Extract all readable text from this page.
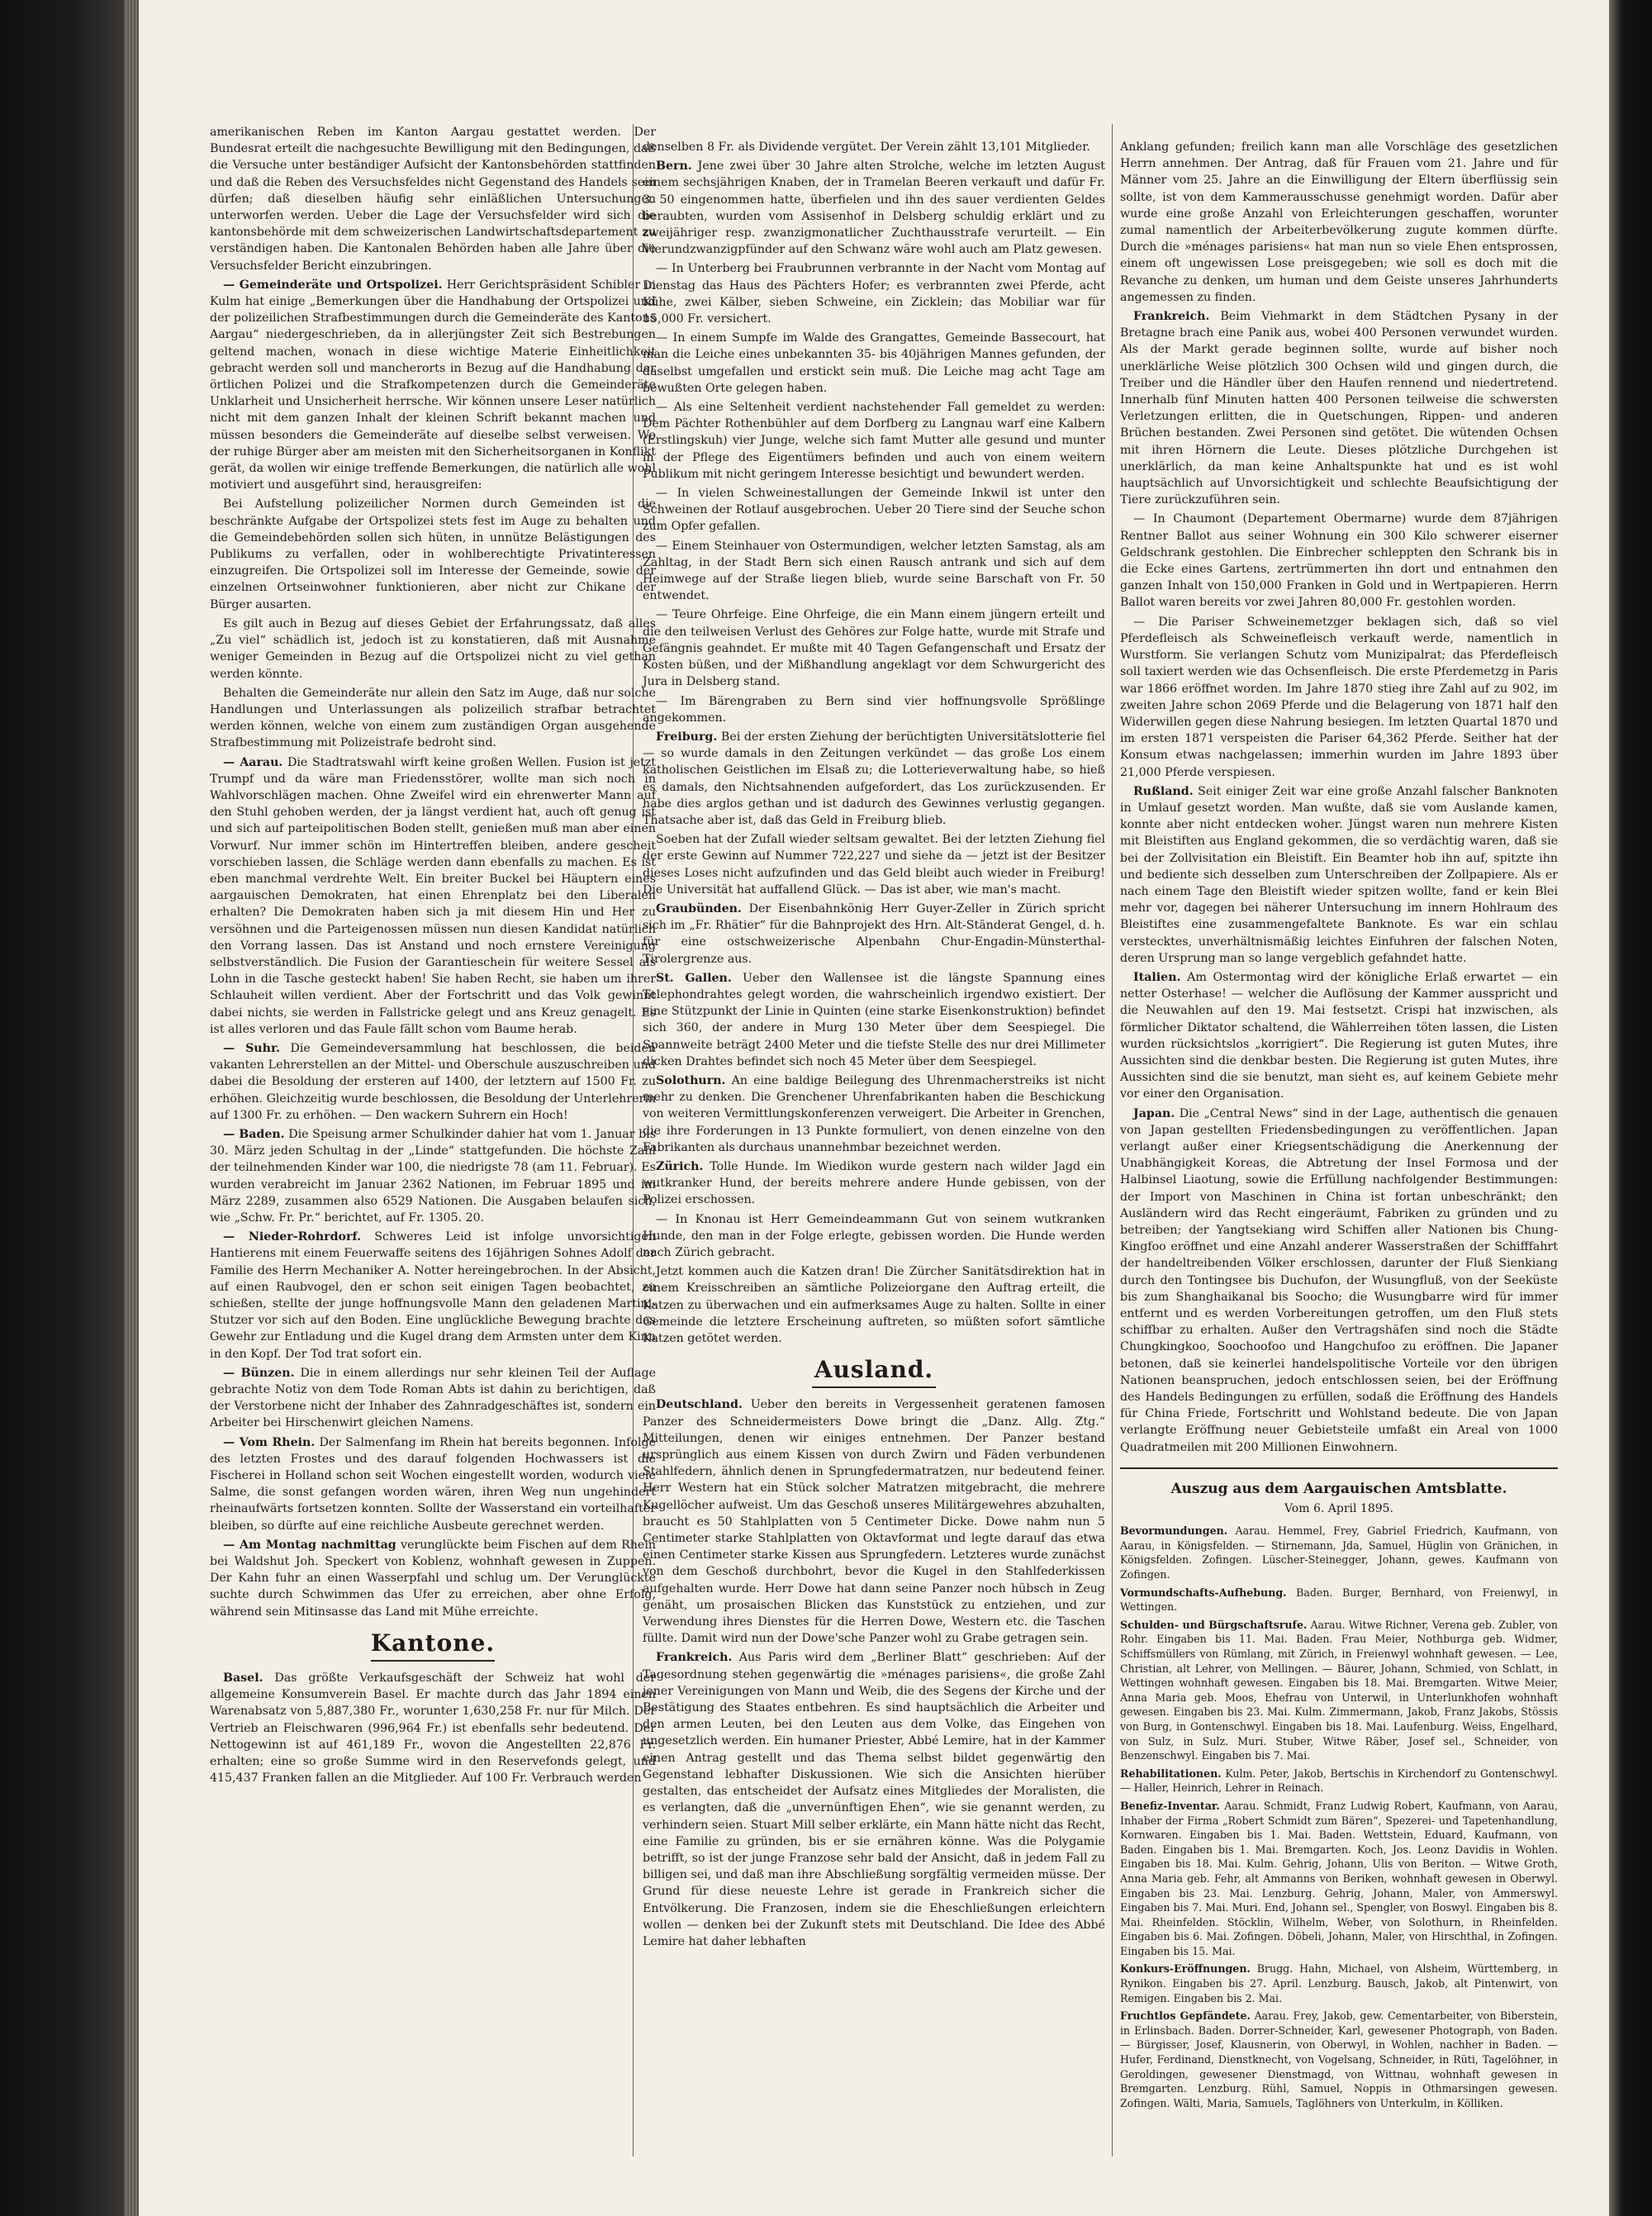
amerikanischen Reben im Kanton Aargau gestattet werden. Der Bundesrat erteilt die nachgesuchte Bewilligung mit den Bedingungen, daß die Versuche unter beständiger Aufsicht der Kantonsbehörden stattfinden und daß die Reben des Versuchsfeldes nicht Gegenstand des Handels sein dürfen; daß dieselben häufig sehr einläßlichen Untersuchungen unterworfen werden. Ueber die Lage der Versuchsfelder wird sich die kantonsbehörde mit dem schweizerischen Landwirtschaftsdepartement zu verständigen haben. Die Kantonalen Behörden haben alle Jahre über die Versuchsfelder Bericht einzubringen.

— Gemeinderäte und Ortspolizei. Herr Gerichtspräsident Schibler in Kulm hat einige „Bemerkungen über die Handhabung der Ortspolizei und der polizeilichen Strafbestimmungen durch die Gemeinderäte des Kantons Aargau“ niedergeschrieben, da in allerjüngster Zeit sich Bestrebungen geltend machen, wonach in diese wichtige Materie Einheitlichkeit gebracht werden soll und mancherorts in Bezug auf die Handhabung der örtlichen Polizei und die Strafkompetenzen durch die Gemeinderäte Unklarheit und Unsicherheit herrsche. Wir können unsere Leser natürlich nicht mit dem ganzen Inhalt der kleinen Schrift bekannt machen und müssen besonders die Gemeinderäte auf dieselbe selbst verweisen. Wo der ruhige Bürger aber am meisten mit den Sicherheitsorganen in Konflikt gerät, da wollen wir einige treffende Bemerkungen, die natürlich alle wohl motiviert und ausgeführt sind, herausgreifen:

Bei Aufstellung polizeilicher Normen durch Gemeinden ist die beschränkte Aufgabe der Ortspolizei stets fest im Auge zu behalten und die Gemeindebehörden sollen sich hüten, in unnütze Belästigungen des Publikums zu verfallen, oder in wohlberechtigte Privatinteressen einzugreifen. Die Ortspolizei soll im Interesse der Gemeinde, sowie der einzelnen Ortseinwohner funktionieren, aber nicht zur Chikane der Bürger ausarten.

Es gilt auch in Bezug auf dieses Gebiet der Erfahrungssatz, daß alles „Zu viel“ schädlich ist, jedoch ist zu konstatieren, daß mit Ausnahme weniger Gemeinden in Bezug auf die Ortspolizei nicht zu viel gethan werden könnte.

Behalten die Gemeinderäte nur allein den Satz im Auge, daß nur solche Handlungen und Unterlassungen als polizeilich strafbar betrachtet werden können, welche von einem zum zuständigen Organ ausgehende Strafbestimmung mit Polizeistrafe bedroht sind.

— Aarau. Die Stadtratswahl wirft keine großen Wellen. Fusion ist jetzt Trumpf und da wäre man Friedensstörer, wollte man sich noch in Wahlvorschlägen machen. Ohne Zweifel wird ein ehrenwerter Mann auf den Stuhl gehoben werden, der ja längst verdient hat, auch oft genug ist und sich auf parteipolitischen Boden stellt, genießen muß man aber einen Vorwurf. Nur immer schön im Hintertreffen bleiben, andere gescheit vorschieben lassen, die Schläge werden dann ebenfalls zu machen. Es ist eben manchmal verdrehte Welt. Ein breiter Buckel bei Häuptern eines aargauischen Demokraten, hat einen Ehrenplatz bei den Liberalen erhalten? Die Demokraten haben sich ja mit diesem Hin und Her zu versöhnen und die Parteigenossen müssen nun diesen Kandidat natürlich den Vorrang lassen. Das ist Anstand und noch ernstere Vereinigung selbstverständlich. Die Fusion der Garantieschein für weitere Sessel als Lohn in die Tasche gesteckt haben! Sie haben Recht, sie haben um ihrer Schlauheit willen verdient. Aber der Fortschritt und das Volk gewinnt dabei nichts, sie werden in Fallstricke gelegt und ans Kreuz genagelt. Es ist alles verloren und das Faule fällt schon vom Baume herab.

— Suhr. Die Gemeindeversammlung hat beschlossen, die beiden vakanten Lehrerstellen an der Mittel- und Oberschule auszuschreiben und dabei die Besoldung der ersteren auf 1400, der letztern auf 1500 Fr. zu erhöhen. Gleichzeitig wurde beschlossen, die Besoldung der Unterlehrerin auf 1300 Fr. zu erhöhen. — Den wackern Suhrern ein Hoch!

— Baden. Die Speisung armer Schulkinder dahier hat vom 1. Januar bis 30. März jeden Schultag in der „Linde“ stattgefunden. Die höchste Zahl der teilnehmenden Kinder war 100, die niedrigste 78 (am 11. Februar). Es wurden verabreicht im Januar 2362 Nationen, im Februar 1895 und im März 2289, zusammen also 6529 Nationen. Die Ausgaben belaufen sich, wie „Schw. Fr. Pr.“ berichtet, auf Fr. 1305. 20.

— Nieder-Rohrdorf. Schweres Leid ist infolge unvorsichtigen Hantierens mit einem Feuerwaffe seitens des 16jährigen Sohnes Adolf der Familie des Herrn Mechaniker A. Notter hereingebrochen. In der Absicht, auf einen Raubvogel, den er schon seit einigen Tagen beobachtet, zu schießen, stellte der junge hoffnungsvolle Mann den geladenen Martini-Stutzer vor sich auf den Boden. Eine unglückliche Bewegung brachte das Gewehr zur Entladung und die Kugel drang dem Armsten unter dem Kinn in den Kopf. Der Tod trat sofort ein.

— Bünzen. Die in einem allerdings nur sehr kleinen Teil der Auflage gebrachte Notiz von dem Tode Roman Abts ist dahin zu berichtigen, daß der Verstorbene nicht der Inhaber des Zahnradgeschäftes ist, sondern ein Arbeiter bei Hirschenwirt gleichen Namens.

— Vom Rhein. Der Salmenfang im Rhein hat bereits begonnen. Infolge des letzten Frostes und des darauf folgenden Hochwassers ist die Fischerei in Holland schon seit Wochen eingestellt worden, wodurch viele Salme, die sonst gefangen worden wären, ihren Weg nun ungehindert rheinaufwärts fortsetzen konnten. Sollte der Wasserstand ein vorteilhafter bleiben, so dürfte auf eine reichliche Ausbeute gerechnet werden.

— Am Montag nachmittag verunglückte beim Fischen auf dem Rhein bei Waldshut Joh. Speckert von Koblenz, wohnhaft gewesen in Zuppen. Der Kahn fuhr an einen Wasserpfahl und schlug um. Der Verunglückte suchte durch Schwimmen das Ufer zu erreichen, aber ohne Erfolg, während sein Mitinsasse das Land mit Mühe erreichte.

Kantone.

Basel. Das größte Verkaufsgeschäft der Schweiz hat wohl der allgemeine Konsumverein Basel. Er machte durch das Jahr 1894 einen Warenabsatz von 5,887,380 Fr., worunter 1,630,258 Fr. nur für Milch. Der Vertrieb an Fleischwaren (996,964 Fr.) ist ebenfalls sehr bedeutend. Der Nettogewinn ist auf 461,189 Fr., wovon die Angestellten 22,876 Fr. erhalten; eine so große Summe wird in den Reservefonds gelegt, und 415,437 Franken fallen an die Mitglieder. Auf 100 Fr. Verbrauch werden

denselben 8 Fr. als Dividende vergütet. Der Verein zählt 13,101 Mitglieder.

Bern. Jene zwei über 30 Jahre alten Strolche, welche im letzten August einem sechsjährigen Knaben, der in Tramelan Beeren verkauft und dafür Fr. 3. 50 eingenommen hatte, überfielen und ihn des sauer verdienten Geldes beraubten, wurden vom Assisenhof in Delsberg schuldig erklärt und zu zweijähriger resp. zwanzigmonatlicher Zuchthausstrafe verurteilt. — Ein Vierundzwanzigpfünder auf den Schwanz wäre wohl auch am Platz gewesen.

— In Unterberg bei Fraubrunnen verbrannte in der Nacht vom Montag auf Dienstag das Haus des Pächters Hofer; es verbrannten zwei Pferde, acht Kühe, zwei Kälber, sieben Schweine, ein Zicklein; das Mobiliar war für 15,000 Fr. versichert.

— In einem Sumpfe im Walde des Grangattes, Gemeinde Bassecourt, hat man die Leiche eines unbekannten 35- bis 40jährigen Mannes gefunden, der daselbst umgefallen und erstickt sein muß. Die Leiche mag acht Tage am bewußten Orte gelegen haben.

— Als eine Seltenheit verdient nachstehender Fall gemeldet zu werden: Dem Pächter Rothenbühler auf dem Dorfberg zu Langnau warf eine Kalbern (Erstlingskuh) vier Junge, welche sich famt Mutter alle gesund und munter in der Pflege des Eigentümers befinden und auch von einem weitern Publikum mit nicht geringem Interesse besichtigt und bewundert werden.

— In vielen Schweinestallungen der Gemeinde Inkwil ist unter den Schweinen der Rotlauf ausgebrochen. Ueber 20 Tiere sind der Seuche schon zum Opfer gefallen.

— Einem Steinhauer von Ostermundigen, welcher letzten Samstag, als am Zahltag, in der Stadt Bern sich einen Rausch antrank und sich auf dem Heimwege auf der Straße liegen blieb, wurde seine Barschaft von Fr. 50 entwendet.

— Teure Ohrfeige. Eine Ohrfeige, die ein Mann einem jüngern erteilt und die den teilweisen Verlust des Gehöres zur Folge hatte, wurde mit Strafe und Gefängnis geahndet. Er mußte mit 40 Tagen Gefangenschaft und Ersatz der Kosten büßen, und der Mißhandlung angeklagt vor dem Schwurgericht des Jura in Delsberg stand.

— Im Bärengraben zu Bern sind vier hoffnungsvolle Sprößlinge angekommen.

Freiburg. Bei der ersten Ziehung der berüchtigten Universitätslotterie fiel — so wurde damals in den Zeitungen verkündet — das große Los einem katholischen Geistlichen im Elsaß zu; die Lotterieverwaltung habe, so hieß es damals, den Nichtsahnenden aufgefordert, das Los zurückzusenden. Er habe dies arglos gethan und ist dadurch des Gewinnes verlustig gegangen. Thatsache aber ist, daß das Geld in Freiburg blieb.

Soeben hat der Zufall wieder seltsam gewaltet. Bei der letzten Ziehung fiel der erste Gewinn auf Nummer 722,227 und siehe da — jetzt ist der Besitzer dieses Loses nicht aufzufinden und das Geld bleibt auch wieder in Freiburg! Die Universität hat auffallend Glück. — Das ist aber, wie man's macht.

Graubünden. Der Eisenbahnkönig Herr Guyer-Zeller in Zürich spricht sich im „Fr. Rhätier“ für die Bahnprojekt des Hrn. Alt-Ständerat Gengel, d. h. für eine ostschweizerische Alpenbahn Chur-Engadin-Münsterthal-Tirolergrenze aus.

St. Gallen. Ueber den Wallensee ist die längste Spannung eines Telephondrahtes gelegt worden, die wahrscheinlich irgendwo existiert. Der eine Stützpunkt der Linie in Quinten (eine starke Eisenkonstruktion) befindet sich 360, der andere in Murg 130 Meter über dem Seespiegel. Die Spannweite beträgt 2400 Meter und die tiefste Stelle des nur drei Millimeter dicken Drahtes befindet sich noch 45 Meter über dem Seespiegel.

Solothurn. An eine baldige Beilegung des Uhrenmacherstreiks ist nicht mehr zu denken. Die Grenchener Uhrenfabrikanten haben die Beschickung von weiteren Vermittlungskonferenzen verweigert. Die Arbeiter in Grenchen, die ihre Forderungen in 13 Punkte formuliert, von denen einzelne von den Fabrikanten als durchaus unannehmbar bezeichnet werden.

Zürich. Tolle Hunde. Im Wiedikon wurde gestern nach wilder Jagd ein wutkranker Hund, der bereits mehrere andere Hunde gebissen, von der Polizei erschossen.

— In Knonau ist Herr Gemeindeammann Gut von seinem wutkranken Hunde, den man in der Folge erlegte, gebissen worden. Die Hunde werden nach Zürich gebracht.

Jetzt kommen auch die Katzen dran! Die Zürcher Sanitätsdirektion hat in einem Kreisschreiben an sämtliche Polizeiorgane den Auftrag erteilt, die Katzen zu überwachen und ein aufmerksames Auge zu halten. Sollte in einer Gemeinde die letztere Erscheinung auftreten, so müßten sofort sämtliche Katzen getötet werden.

Ausland.

Deutschland. Ueber den bereits in Vergessenheit geratenen famosen Panzer des Schneidermeisters Dowe bringt die „Danz. Allg. Ztg.“ Mitteilungen, denen wir einiges entnehmen. Der Panzer bestand ursprünglich aus einem Kissen von durch Zwirn und Fäden verbundenen Stahlfedern, ähnlich denen in Sprungfedermatratzen, nur bedeutend feiner. Herr Western hat ein Stück solcher Matratzen mitgebracht, die mehrere Kugellöcher aufweist. Um das Geschoß unseres Militärgewehres abzuhalten, braucht es 50 Stahlplatten von 5 Centimeter Dicke. Dowe nahm nun 5 Centimeter starke Stahlplatten von Oktavformat und legte darauf das etwa einen Centimeter starke Kissen aus Sprungfedern. Letzteres wurde zunächst von dem Geschoß durchbohrt, bevor die Kugel in den Stahlfederkissen aufgehalten wurde. Herr Dowe hat dann seine Panzer noch hübsch in Zeug genäht, um prosaischen Blicken das Kunststück zu entziehen, und zur Verwendung ihres Dienstes für die Herren Dowe, Western etc. die Taschen füllte. Damit wird nun der Dowe'sche Panzer wohl zu Grabe getragen sein.

Frankreich. Aus Paris wird dem „Berliner Blatt“ geschrieben: Auf der Tagesordnung stehen gegenwärtig die »ménages parisiens«, die große Zahl jener Vereinigungen von Mann und Weib, die des Segens der Kirche und der Bestätigung des Staates entbehren. Es sind hauptsächlich die Arbeiter und den armen Leuten, bei den Leuten aus dem Volke, das Eingehen von ungesetzlich werden. Ein humaner Priester, Abbé Lemire, hat in der Kammer einen Antrag gestellt und das Thema selbst bildet gegenwärtig den Gegenstand lebhafter Diskussionen. Wie sich die Ansichten hierüber gestalten, das entscheidet der Aufsatz eines Mitgliedes der Moralisten, die es verlangten, daß die „unvernünftigen Ehen“, wie sie genannt werden, zu verhindern seien. Stuart Mill selber erklärte, ein Mann hätte nicht das Recht, eine Familie zu gründen, bis er sie ernähren könne. Was die Polygamie betrifft, so ist der junge Franzose sehr bald der Ansicht, daß in jedem Fall zu billigen sei, und daß man ihre Abschließung sorgfältig vermeiden müsse. Der Grund für diese neueste Lehre ist gerade in Frankreich sicher die Entvölkerung. Die Franzosen, indem sie die Eheschließungen erleichtern wollen — denken bei der Zukunft stets mit Deutschland. Die Idee des Abbé Lemire hat daher lebhaften

Anklang gefunden; freilich kann man alle Vorschläge des gesetzlichen Herrn annehmen. Der Antrag, daß für Frauen vom 21. Jahre und für Männer vom 25. Jahre an die Einwilligung der Eltern überflüssig sein sollte, ist von dem Kammerausschusse genehmigt worden. Dafür aber wurde eine große Anzahl von Erleichterungen geschaffen, worunter zumal namentlich der Arbeiterbevölkerung zugute kommen dürfte. Durch die »ménages parisiens« hat man nun so viele Ehen entsprossen, einem oft ungewissen Lose preisgegeben; wie soll es doch mit die Revanche zu denken, um human und dem Geiste unseres Jahrhunderts angemessen zu finden.

Frankreich. Beim Viehmarkt in dem Städtchen Pysany in der Bretagne brach eine Panik aus, wobei 400 Personen verwundet wurden. Als der Markt gerade beginnen sollte, wurde auf bisher noch unerklärliche Weise plötzlich 300 Ochsen wild und gingen durch, die Treiber und die Händler über den Haufen rennend und niedertretend. Innerhalb fünf Minuten hatten 400 Personen teilweise die schwersten Verletzungen erlitten, die in Quetschungen, Rippen- und anderen Brüchen bestanden. Zwei Personen sind getötet. Die wütenden Ochsen mit ihren Hörnern die Leute. Dieses plötzliche Durchgehen ist unerklärlich, da man keine Anhaltspunkte hat und es ist wohl hauptsächlich auf Unvorsichtigkeit und schlechte Beaufsichtigung der Tiere zurückzuführen sein.

— In Chaumont (Departement Obermarne) wurde dem 87jährigen Rentner Ballot aus seiner Wohnung ein 300 Kilo schwerer eiserner Geldschrank gestohlen. Die Einbrecher schleppten den Schrank bis in die Ecke eines Gartens, zertrümmerten ihn dort und entnahmen den ganzen Inhalt von 150,000 Franken in Gold und in Wertpapieren. Herrn Ballot waren bereits vor zwei Jahren 80,000 Fr. gestohlen worden.

— Die Pariser Schweinemetzger beklagen sich, daß so viel Pferdefleisch als Schweinefleisch verkauft werde, namentlich in Wurstform. Sie verlangen Schutz vom Munizipalrat; das Pferdefleisch soll taxiert werden wie das Ochsenfleisch. Die erste Pferdemetzg in Paris war 1866 eröffnet worden. Im Jahre 1870 stieg ihre Zahl auf zu 902, im zweiten Jahre schon 2069 Pferde und die Belagerung von 1871 half den Widerwillen gegen diese Nahrung besiegen. Im letzten Quartal 1870 und im ersten 1871 verspeisten die Pariser 64,362 Pferde. Seither hat der Konsum etwas nachgelassen; immerhin wurden im Jahre 1893 über 21,000 Pferde verspiesen.

Rußland. Seit einiger Zeit war eine große Anzahl falscher Banknoten in Umlauf gesetzt worden. Man wußte, daß sie vom Auslande kamen, konnte aber nicht entdecken woher. Jüngst waren nun mehrere Kisten mit Bleistiften aus England gekommen, die so verdächtig waren, daß sie bei der Zollvisitation ein Bleistift. Ein Beamter hob ihn auf, spitzte ihn und bediente sich desselben zum Unterschreiben der Zollpapiere. Als er nach einem Tage den Bleistift wieder spitzen wollte, fand er kein Blei mehr vor, dagegen bei näherer Untersuchung im innern Hohlraum des Bleistiftes eine zusammengefaltete Banknote. Es war ein schlau verstecktes, unverhältnismäßig leichtes Einfuhren der falschen Noten, deren Ursprung man so lange vergeblich gefahndet hatte.

Italien. Am Ostermontag wird der königliche Erlaß erwartet — ein netter Osterhase! — welcher die Auflösung der Kammer ausspricht und die Neuwahlen auf den 19. Mai festsetzt. Crispi hat inzwischen, als förmlicher Diktator schaltend, die Wählerreihen töten lassen, die Listen wurden rücksichtslos „korrigiert“. Die Regierung ist guten Mutes, ihre Aussichten sind die denkbar besten. Die Regierung ist guten Mutes, ihre Aussichten sind die sie benutzt, man sieht es, auf keinem Gebiete mehr vor einer den Organisation.

Japan. Die „Central News“ sind in der Lage, authentisch die genauen von Japan gestellten Friedensbedingungen zu veröffentlichen. Japan verlangt außer einer Kriegsentschädigung die Anerkennung der Unabhängigkeit Koreas, die Abtretung der Insel Formosa und der Halbinsel Liaotung, sowie die Erfüllung nachfolgender Bestimmungen: der Import von Maschinen in China ist fortan unbeschränkt; den Ausländern wird das Recht eingeräumt, Fabriken zu gründen und zu betreiben; der Yangtsekiang wird Schiffen aller Nationen bis Chung-Kingfoo eröffnet und eine Anzahl anderer Wasserstraßen der Schifffahrt der handeltreibenden Völker erschlossen, darunter der Fluß Sienkiang durch den Tontingsee bis Duchufon, der Wusungfluß, von der Seeküste bis zum Shanghaikanal bis Soocho; die Wusungbarre wird für immer entfernt und es werden Vorbereitungen getroffen, um den Fluß stets schiffbar zu erhalten. Außer den Vertragshäfen sind noch die Städte Chungkingkoo, Soochoofoo und Hangchufoo zu eröffnen. Die Japaner betonen, daß sie keinerlei handelspolitische Vorteile vor den übrigen Nationen beanspruchen, jedoch entschlossen seien, bei der Eröffnung des Handels Bedingungen zu erfüllen, sodaß die Eröffnung des Handels für China Friede, Fortschritt und Wohlstand bedeute. Die von Japan verlangte Eröffnung neuer Gebietsteile umfaßt ein Areal von 1000 Quadratmeilen mit 200 Millionen Einwohnern.

Auszug aus dem Aargauischen Amtsblatte.
Vom 6. April 1895.

Bevormundungen. Aarau. Hemmel, Frey, Gabriel Friedrich, Kaufmann, von Aarau, in Königsfelden. — Stirnemann, Jda, Samuel, Hüglin von Gränichen, in Königsfelden. Zofingen. Lüscher-Steinegger, Johann, gewes. Kaufmann von Zofingen.

Vormundschafts-Aufhebung. Baden. Burger, Bernhard, von Freienwyl, in Wettingen.

Schulden- und Bürgschaftsrufe. Aarau. Witwe Richner, Verena geb. Zubler, von Rohr. Eingaben bis 11. Mai. Baden. Frau Meier, Nothburga geb. Widmer, Schiffsmüllers von Rümlang, mit Zürich, in Freienwyl wohnhaft gewesen. — Lee, Christian, alt Lehrer, von Mellingen. — Bäurer, Johann, Schmied, von Schlatt, in Wettingen wohnhaft gewesen. Eingaben bis 18. Mai. Bremgarten. Witwe Meier, Anna Maria geb. Moos, Ehefrau von Unterwil, in Unterlunkhofen wohnhaft gewesen. Eingaben bis 23. Mai. Kulm. Zimmermann, Jakob, Franz Jakobs, Stössis von Burg, in Gontenschwyl. Eingaben bis 18. Mai. Laufenburg. Weiss, Engelhard, von Sulz, in Sulz. Muri. Stuber, Witwe Räber, Josef sel., Schneider, von Benzenschwyl. Eingaben bis 7. Mai.

Rehabilitationen. Kulm. Peter, Jakob, Bertschis in Kirchendorf zu Gontenschwyl. — Haller, Heinrich, Lehrer in Reinach.

Benefiz-Inventar. Aarau. Schmidt, Franz Ludwig Robert, Kaufmann, von Aarau, Inhaber der Firma „Robert Schmidt zum Bären“, Spezerei- und Tapetenhandlung, Kornwaren. Eingaben bis 1. Mai. Baden. Wettstein, Eduard, Kaufmann, von Baden. Eingaben bis 1. Mai. Bremgarten. Koch, Jos. Leonz Davidis in Wohlen. Eingaben bis 18. Mai. Kulm. Gehrig, Johann, Ulis von Beriton. — Witwe Groth, Anna Maria geb. Fehr, alt Ammanns von Beriken, wohnhaft gewesen in Oberwyl. Eingaben bis 23. Mai. Lenzburg. Gehrig, Johann, Maler, von Ammerswyl. Eingaben bis 7. Mai. Muri. End, Johann sel., Spengler, von Boswyl. Eingaben bis 8. Mai. Rheinfelden. Stöcklin, Wilhelm, Weber, von Solothurn, in Rheinfelden. Eingaben bis 6. Mai. Zofingen. Döbeli, Johann, Maler, von Hirschthal, in Zofingen. Eingaben bis 15. Mai.

Konkurs-Eröffnungen. Brugg. Hahn, Michael, von Alsheim, Württemberg, in Rynikon. Eingaben bis 27. April. Lenzburg. Bausch, Jakob, alt Pintenwirt, von Remigen. Eingaben bis 2. Mai.

Fruchtlos Gepfändete. Aarau. Frey, Jakob, gew. Cementarbeiter, von Biberstein, in Erlinsbach. Baden. Dorrer-Schneider, Karl, gewesener Photograph, von Baden. — Bürgisser, Josef, Klausnerin, von Oberwyl, in Wohlen, nachher in Baden. — Hufer, Ferdinand, Dienstknecht, von Vogelsang, Schneider, in Rüti, Tagelöhner, in Geroldingen, gewesener Dienstmagd, von Wittnau, wohnhaft gewesen in Bremgarten. Lenzburg. Rühl, Samuel, Noppis in Othmarsingen gewesen. Zofingen. Wälti, Maria, Samuels, Taglöhners von Unterkulm, in Kölliken.
